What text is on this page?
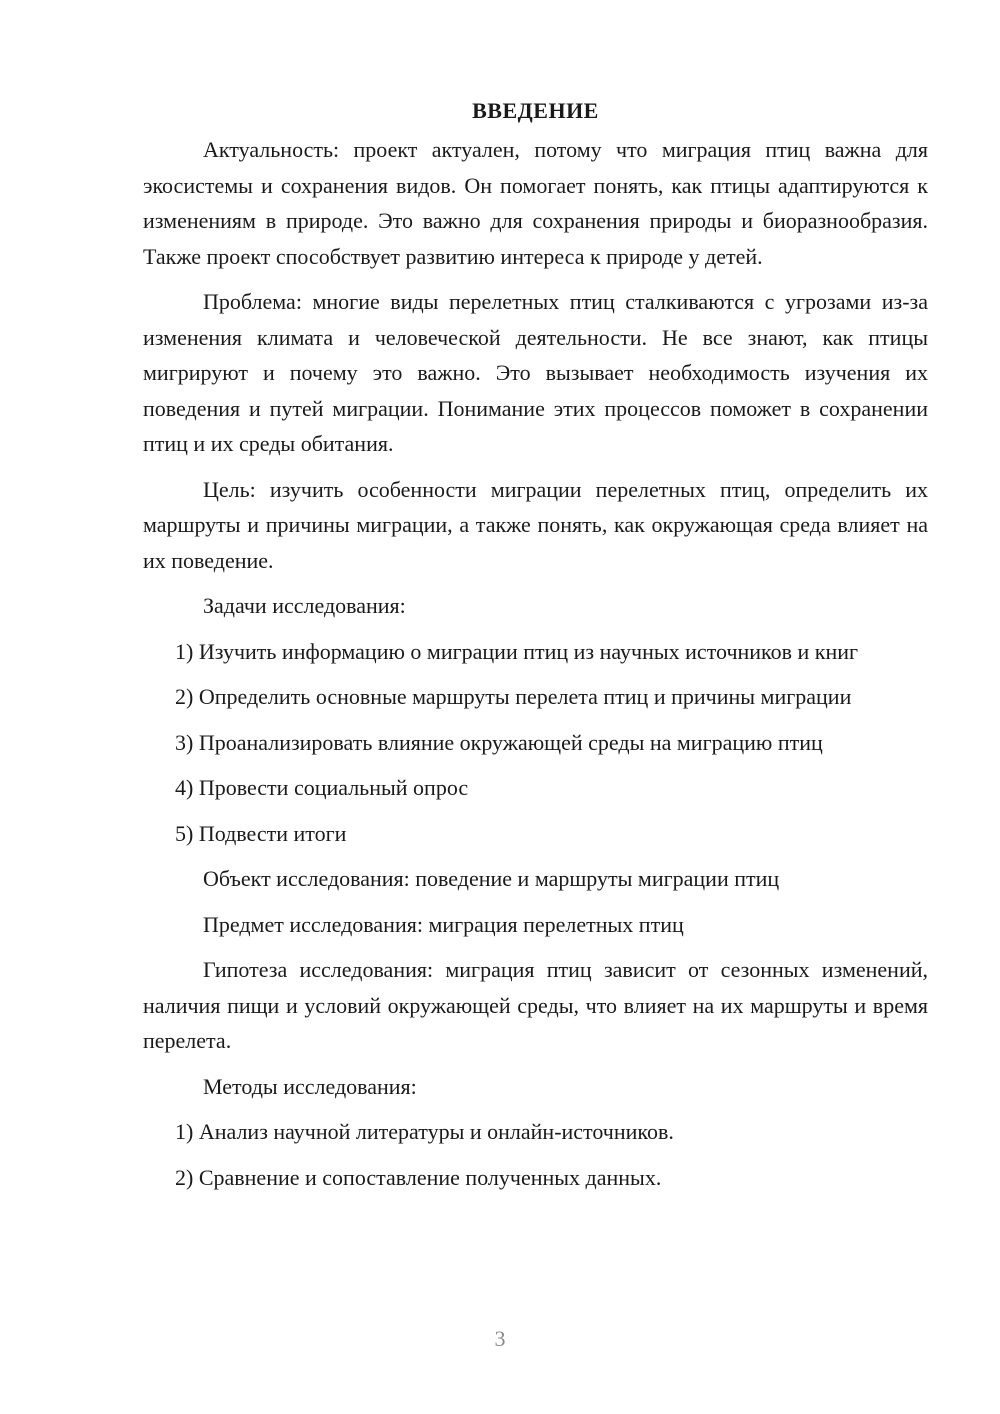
ВВЕДЕНИЕ

Актуальность: проект актуален, потому что миграция птиц важна для экосистемы и сохранения видов. Он помогает понять, как птицы адаптируются к изменениям в природе. Это важно для сохранения природы и биоразнообразия. Также проект способствует развитию интереса к природе у детей.

Проблема: многие виды перелетных птиц сталкиваются с угрозами из-за изменения климата и человеческой деятельности. Не все знают, как птицы мигрируют и почему это важно. Это вызывает необходимость изучения их поведения и путей миграции. Понимание этих процессов поможет в сохранении птиц и их среды обитания.

Цель: изучить особенности миграции перелетных птиц, определить их маршруты и причины миграции, а также понять, как окружающая среда влияет на их поведение.

Задачи исследования:

1) Изучить информацию о миграции птиц из научных источников и книг

2) Определить основные маршруты перелета птиц и причины миграции

3) Проанализировать влияние окружающей среды на миграцию птиц

4) Провести социальный опрос

5) Подвести итоги

Объект исследования: поведение и маршруты миграции птиц

Предмет исследования: миграция перелетных птиц

Гипотеза исследования: миграция птиц зависит от сезонных изменений, наличия пищи и условий окружающей среды, что влияет на их маршруты и время перелета.

Методы исследования:

1) Анализ научной литературы и онлайн-источников.

2) Сравнение и сопоставление полученных данных.

3
